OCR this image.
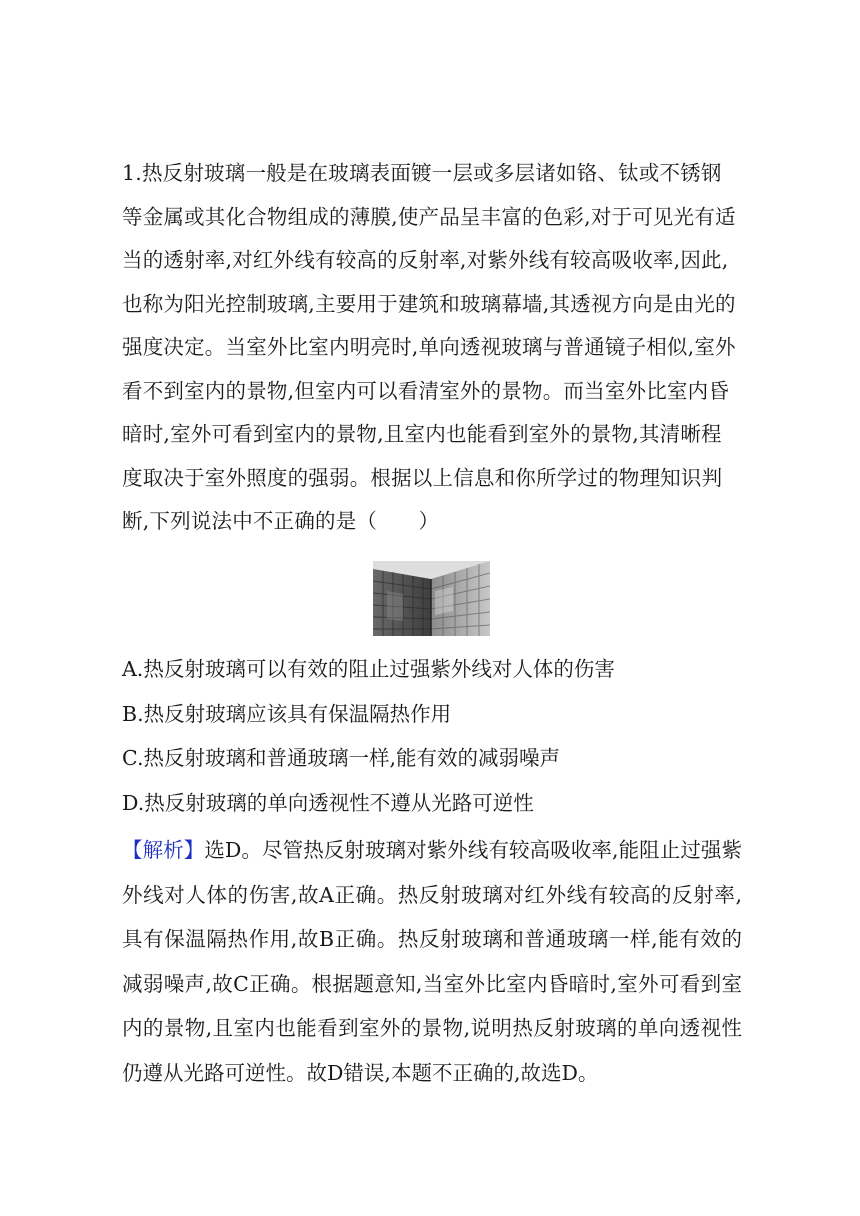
1.热反射玻璃一般是在玻璃表面镀一层或多层诸如铬、钛或不锈钢等金属或其化合物组成的薄膜,使产品呈丰富的色彩,对于可见光有适当的透射率,对红外线有较高的反射率,对紫外线有较高吸收率,因此,也称为阳光控制玻璃,主要用于建筑和玻璃幕墙,其透视方向是由光的强度决定。当室外比室内明亮时,单向透视玻璃与普通镜子相似,室外看不到室内的景物,但室内可以看清室外的景物。而当室外比室内昏暗时,室外可看到室内的景物,且室内也能看到室外的景物,其清晰程度取决于室外照度的强弱。根据以上信息和你所学过的物理知识判断,下列说法中不正确的是（　　）

A.热反射玻璃可以有效的阻止过强紫外线对人体的伤害
B.热反射玻璃应该具有保温隔热作用
C.热反射玻璃和普通玻璃一样,能有效的减弱噪声
D.热反射玻璃的单向透视性不遵从光路可逆性

【解析】选D。尽管热反射玻璃对紫外线有较高吸收率,能阻止过强紫外线对人体的伤害,故A正确。热反射玻璃对红外线有较高的反射率,具有保温隔热作用,故B正确。热反射玻璃和普通玻璃一样,能有效的减弱噪声,故C正确。根据题意知,当室外比室内昏暗时,室外可看到室内的景物,且室内也能看到室外的景物,说明热反射玻璃的单向透视性仍遵从光路可逆性。故D错误,本题不正确的,故选D。
